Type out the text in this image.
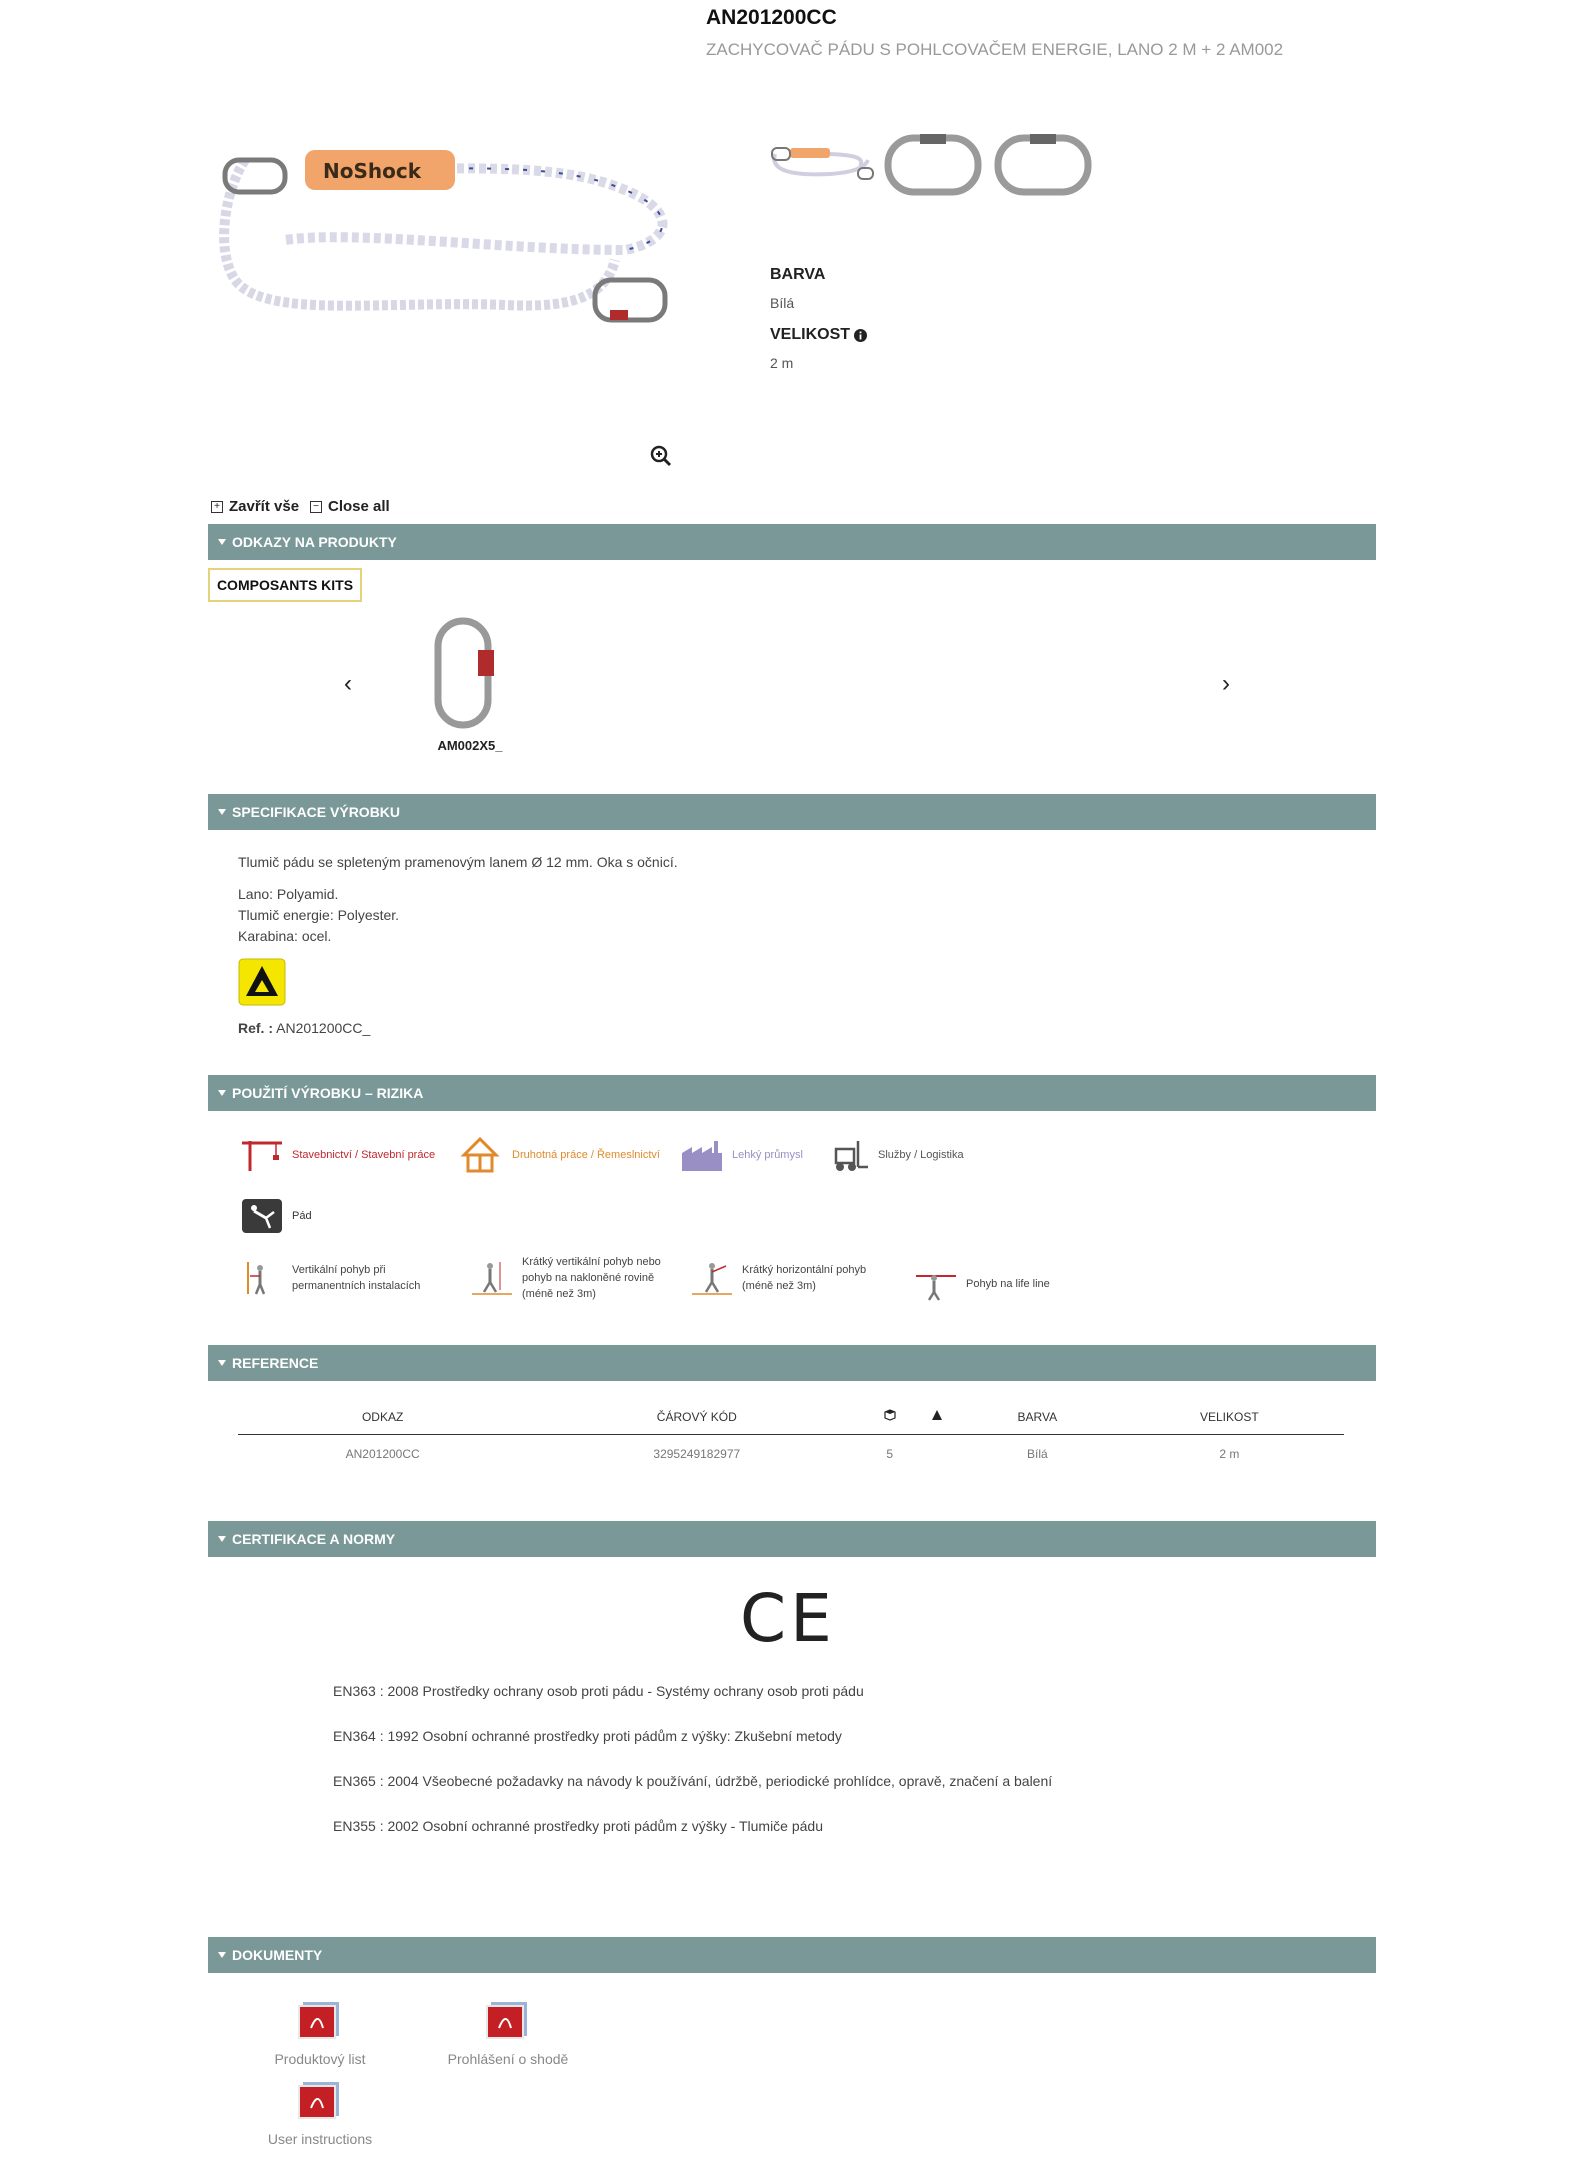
AN201200CC
ZACHYCOVAČ PÁDU S POHLCOVAČEM ENERGIE, LANO 2 M + 2 AM002
NoShock
BARVA
Bílá
VELIKOST
2 m
+ Zavřít vše	− Close all
ODKAZY NA PRODUKTY
COMPOSANTS KITS
‹	›
AM002X5_
SPECIFIKACE VÝROBKU
Tlumič pádu se spleteným pramenovým lanem Ø 12 mm. Oka s očnicí.
Lano: Polyamid.
Tlumič energie: Polyester.
Karabina: ocel.
Ref. : AN201200CC_
POUŽITÍ VÝROBKU – RIZIKA
Stavebnictví / Stavební práce	Druhotná práce / Řemeslnictví	Lehký průmysl	Služby / Logistika
Pád
Vertikální pohyb při
permanentních instalacích
Krátký vertikální pohyb nebo
pohyb na nakloněné rovině
(méně než 3m)
Krátký horizontální pohyb
(méně než 3m)	Pohyb na life line
REFERENCE
ODKAZ	ČÁROVÝ KÓD			BARVA	VELIKOST
AN201200CC	3295249182977	5		Bílá	2 m
CERTIFIKACE A NORMY
CE
EN363 : 2008 Prostředky ochrany osob proti pádu - Systémy ochrany osob proti pádu
EN364 : 1992 Osobní ochranné prostředky proti pádům z výšky: Zkušební metody
EN365 : 2004 Všeobecné požadavky na návody k používání, údržbě, periodické prohlídce, opravě, značení a balení
EN355 : 2002 Osobní ochranné prostředky proti pádům z výšky - Tlumiče pádu
DOKUMENTY
Produktový list	Prohlášení o shodě
User instructions
